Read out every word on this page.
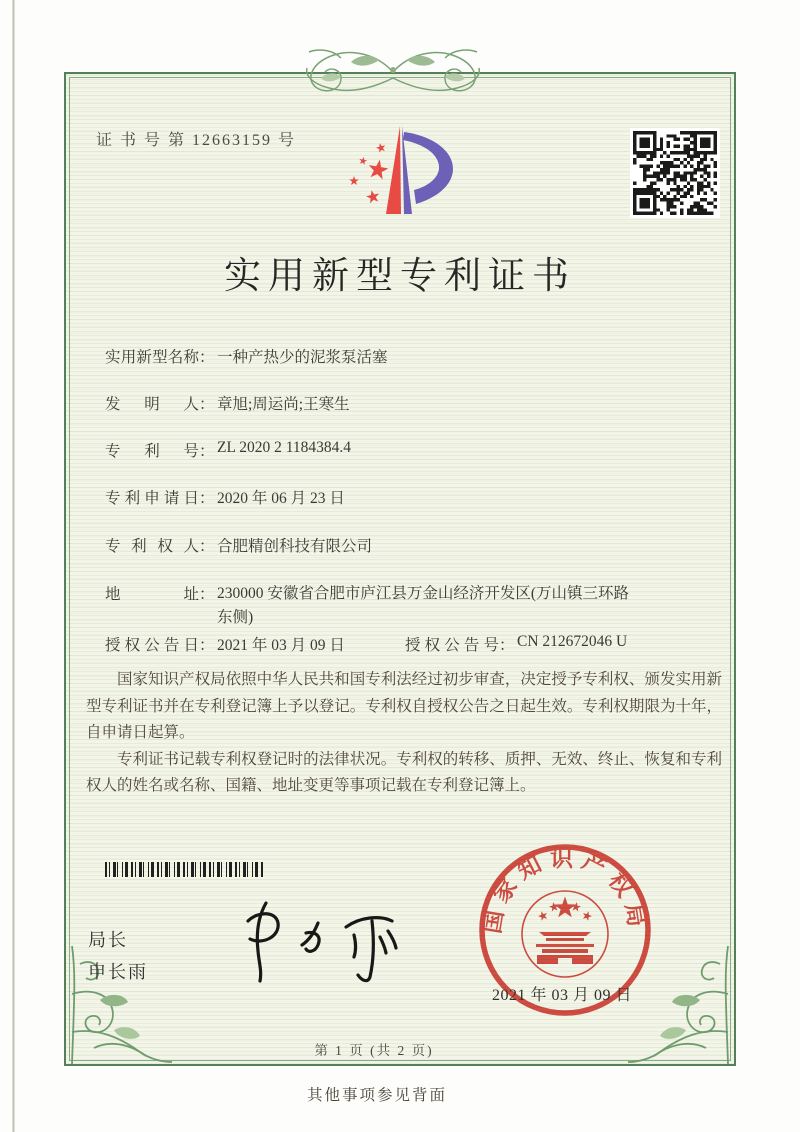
证 书 号 第 12663159 号
实用新型专利证书
实用新型名称： 一种产热少的泥浆泵活塞
发明人： 章旭;周运尚;王寒生
专利号： ZL 2020 2 1184384.4
专利申请日： 2020 年 06 月 23 日
专利权人： 合肥精创科技有限公司
地址： 230000 安徽省合肥市庐江县万金山经济开发区(万山镇三环路东侧)
授权公告日： 2021 年 03 月 09 日	授权公告号： CN 212672046 U

国家知识产权局依照中华人民共和国专利法经过初步审查，决定授予专利权、颁发实用新型专利证书并在专利登记簿上予以登记。专利权自授权公告之日起生效。专利权期限为十年，自申请日起算。

专利证书记载专利权登记时的法律状况。专利权的转移、质押、无效、终止、恢复和专利权人的姓名或名称、国籍、地址变更等事项记载在专利登记簿上。

局长
申长雨
国家知识产权局
2021 年 03 月 09 日
第 1 页 (共 2 页)
其他事项参见背面
